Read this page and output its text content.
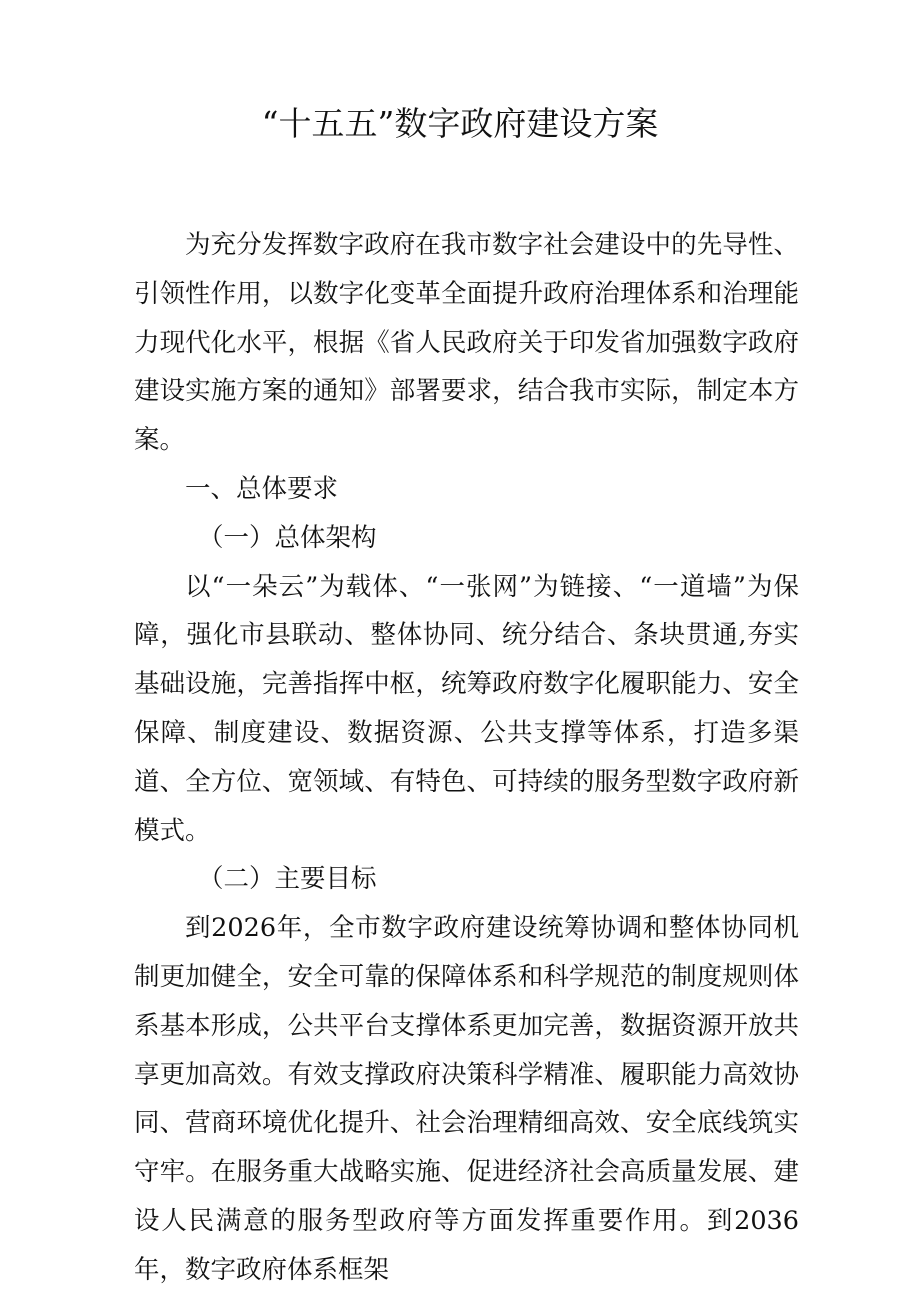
“十五五”数字政府建设方案

为充分发挥数字政府在我市数字社会建设中的先导性、引领性作用，以数字化变革全面提升政府治理体系和治理能力现代化水平，根据《省人民政府关于印发省加强数字政府建设实施方案的通知》部署要求，结合我市实际，制定本方案。

一、总体要求

（一）总体架构

以“一朵云”为载体、“一张网”为链接、“一道墙”为保障，强化市县联动、整体协同、统分结合、条块贯通,夯实基础设施，完善指挥中枢，统筹政府数字化履职能力、安全保障、制度建设、数据资源、公共支撑等体系，打造多渠道、全方位、宽领域、有特色、可持续的服务型数字政府新模式。

（二）主要目标

到2026年，全市数字政府建设统筹协调和整体协同机制更加健全，安全可靠的保障体系和科学规范的制度规则体系基本形成，公共平台支撑体系更加完善，数据资源开放共享更加高效。有效支撑政府决策科学精准、履职能力高效协同、营商环境优化提升、社会治理精细高效、安全底线筑实守牢。在服务重大战略实施、促进经济社会高质量发展、建设人民满意的服务型政府等方面发挥重要作用。到2036年，数字政府体系框架
